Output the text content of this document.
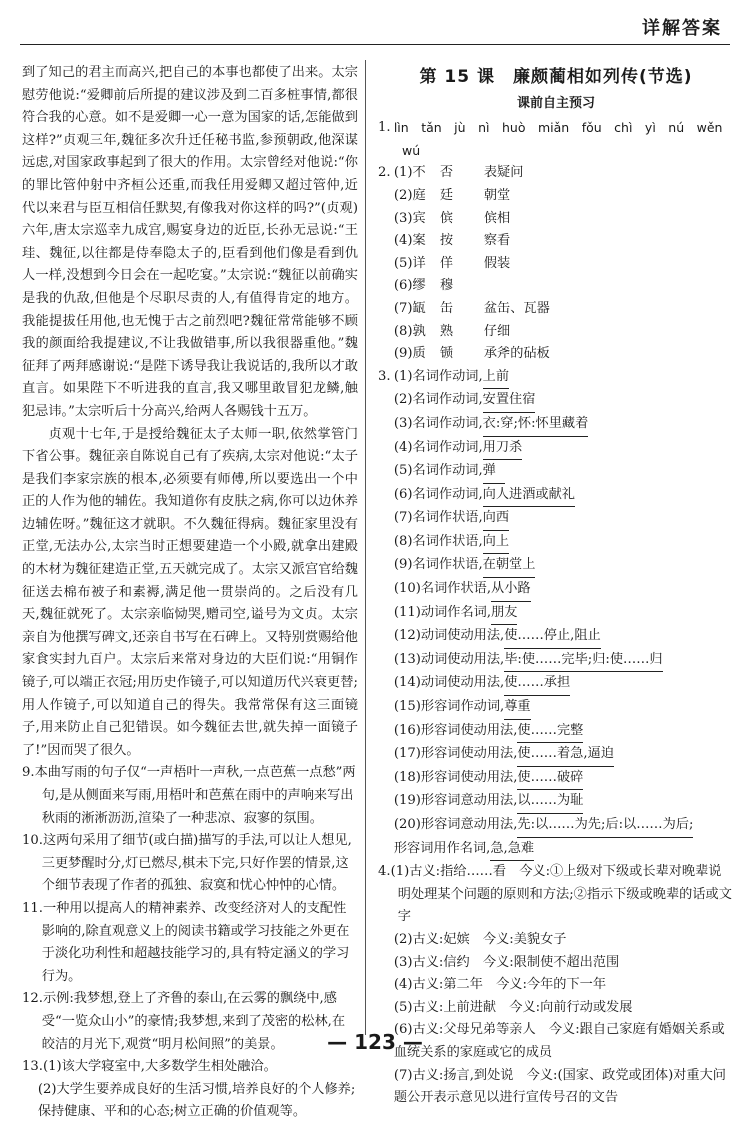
详解答案

到了知己的君主而高兴,把自己的本事也都使了出来。太宗慰劳他说:“爱卿前后所提的建议涉及到二百多桩事情,都很符合我的心意。如不是爱卿一心一意为国家的话,怎能做到这样?”贞观三年,魏征多次升迁任秘书监,参预朝政,他深谋远虑,对国家政事起到了很大的作用。太宗曾经对他说:“你的罪比管仲射中齐桓公还重,而我任用爱卿又超过管仲,近代以来君与臣互相信任默契,有像我对你这样的吗?”(贞观)六年,唐太宗巡幸九成宫,赐宴身边的近臣,长孙无忌说:“王珪、魏征,以往都是侍奉隐太子的,臣看到他们像是看到仇人一样,没想到今日会在一起吃宴。”太宗说:“魏征以前确实是我的仇敌,但他是个尽职尽责的人,有值得肯定的地方。我能提拔任用他,也无愧于古之前烈吧?魏征常常能够不顾我的颜面给我提建议,不让我做错事,所以我很器重他。”魏征拜了两拜感谢说:“是陛下诱导我让我说话的,我所以才敢直言。如果陛下不听进我的直言,我又哪里敢冒犯龙鳞,触犯忌讳。”太宗听后十分高兴,给两人各赐钱十五万。

贞观十七年,于是授给魏征太子太师一职,依然掌管门下省公事。魏征亲自陈说自己有了疾病,太宗对他说:“太子是我们李家宗族的根本,必须要有师傅,所以要选出一个中正的人作为他的辅佐。我知道你有皮肤之病,你可以边休养边辅佐呀。”魏征这才就职。不久魏征得病。魏征家里没有正堂,无法办公,太宗当时正想要建造一个小殿,就拿出建殿的木材为魏征建造正堂,五天就完成了。太宗又派宫官给魏征送去棉布被子和素褥,满足他一贯崇尚的。之后没有几天,魏征就死了。太宗亲临恸哭,赠司空,谥号为文贞。太宗亲自为他撰写碑文,还亲自书写在石碑上。又特别赏赐给他家食实封九百户。太宗后来常对身边的大臣们说:“用铜作镜子,可以端正衣冠;用历史作镜子,可以知道历代兴衰更替;用人作镜子,可以知道自己的得失。我常常保有这三面镜子,用来防止自己犯错误。如今魏征去世,就失掉一面镜子了!”因而哭了很久。

9.本曲写雨的句子仅“一声梧叶一声秋,一点芭蕉一点愁”两句,是从侧面来写雨,用梧叶和芭蕉在雨中的声响来写出秋雨的淅淅沥沥,渲染了一种悲凉、寂寥的氛围。

10.这两句采用了细节(或白描)描写的手法,可以让人想见,三更梦醒时分,灯已燃尽,棋未下完,只好作罢的情景,这个细节表现了作者的孤独、寂寞和忧心忡忡的心情。

11.一种用以提高人的精神素养、改变经济对人的支配性影响的,除直观意义上的阅读书籍或学习技能之外更在于淡化功利性和超越技能学习的,具有特定涵义的学习行为。

12.示例:我梦想,登上了齐鲁的泰山,在云雾的飘绕中,感受“一览众山小”的豪情;我梦想,来到了茂密的松林,在皎洁的月光下,观赏“明月松间照”的美景。

13.(1)该大学寝室中,大多数学生相处融洽。

(2)大学生要养成良好的生活习惯,培养良好的个人修养;保持健康、平和的心态;树立正确的价值观等。

第 15 课　廉颇蔺相如列传(节选)
课前自主预习
1. lìn　tǎn　jù　nì　huò　miǎn　fǒu　chì　yì　nú　wěn
wú
2. (1)不	否	表疑问
(2)庭	廷	朝堂
(3)宾	傧	傧相
(4)案	按	察看
(5)详	佯	假装
(6)缪	穆
(7)缻	缶	盆缶、瓦器
(8)孰	熟	仔细
(9)质	锧	承斧的砧板
3. (1)名词作动词,上前
(2)名词作动词,安置住宿
(3)名词作动词,衣:穿;怀:怀里藏着
(4)名词作动词,用刀杀
(5)名词作动词,弹
(6)名词作动词,向人进酒或献礼
(7)名词作状语,向西
(8)名词作状语,向上
(9)名词作状语,在朝堂上
(10)名词作状语,从小路
(11)动词作名词,朋友
(12)动词使动用法,使……停止,阻止
(13)动词使动用法,毕:使……完毕;归:使……归
(14)动词使动用法,使……承担
(15)形容词作动词,尊重
(16)形容词使动用法,使……完整
(17)形容词使动用法,使……着急,逼迫
(18)形容词使动用法,使……破碎
(19)形容词意动用法,以……为耻
(20)形容词意动用法,先:以……为先;后:以……为后;
形容词用作名词,急,急难

4.(1)古义:指给……看　今义:①上级对下级或长辈对晚辈说明处理某个问题的原则和方法;②指示下级或晚辈的话或文字

(2)古义:妃嫔　今义:美貌女子

(3)古义:信约　今义:限制使不超出范围

(4)古义:第二年　今义:今年的下一年

(5)古义:上前进献　今义:向前行动或发展

(6)古义:父母兄弟等亲人　今义:跟自己家庭有婚姻关系或血统关系的家庭或它的成员

(7)古义:扬言,到处说　今义:(国家、政党或团体)对重大问题公开表示意见以进行宣传号召的文告

— 123 —
